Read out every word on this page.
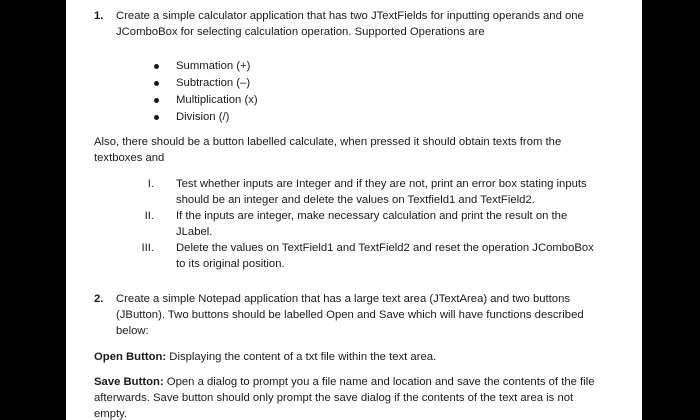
1. Create a simple calculator application that has two JTextFields for inputting operands and one
JComboBox for selecting calculation operation. Supported Operations are
Summation (+)
Subtraction (–)
Multiplication (x)
Division (/)
Also, there should be a button labelled calculate, when pressed it should obtain texts from the
textboxes and
I. Test whether inputs are Integer and if they are not, print an error box stating inputs
should be an integer and delete the values on Textfield1 and TextField2.
II. If the inputs are integer, make necessary calculation and print the result on the
JLabel.
III. Delete the values on TextField1 and TextField2 and reset the operation JComboBox
to its original position.
2. Create a simple Notepad application that has a large text area (JTextArea) and two buttons
(JButton). Two buttons should be labelled Open and Save which will have functions described
below:
Open Button: Displaying the content of a txt file within the text area.
Save Button: Open a dialog to prompt you a file name and location and save the contents of the file
afterwards. Save button should only prompt the save dialog if the contents of the text area is not
empty.
